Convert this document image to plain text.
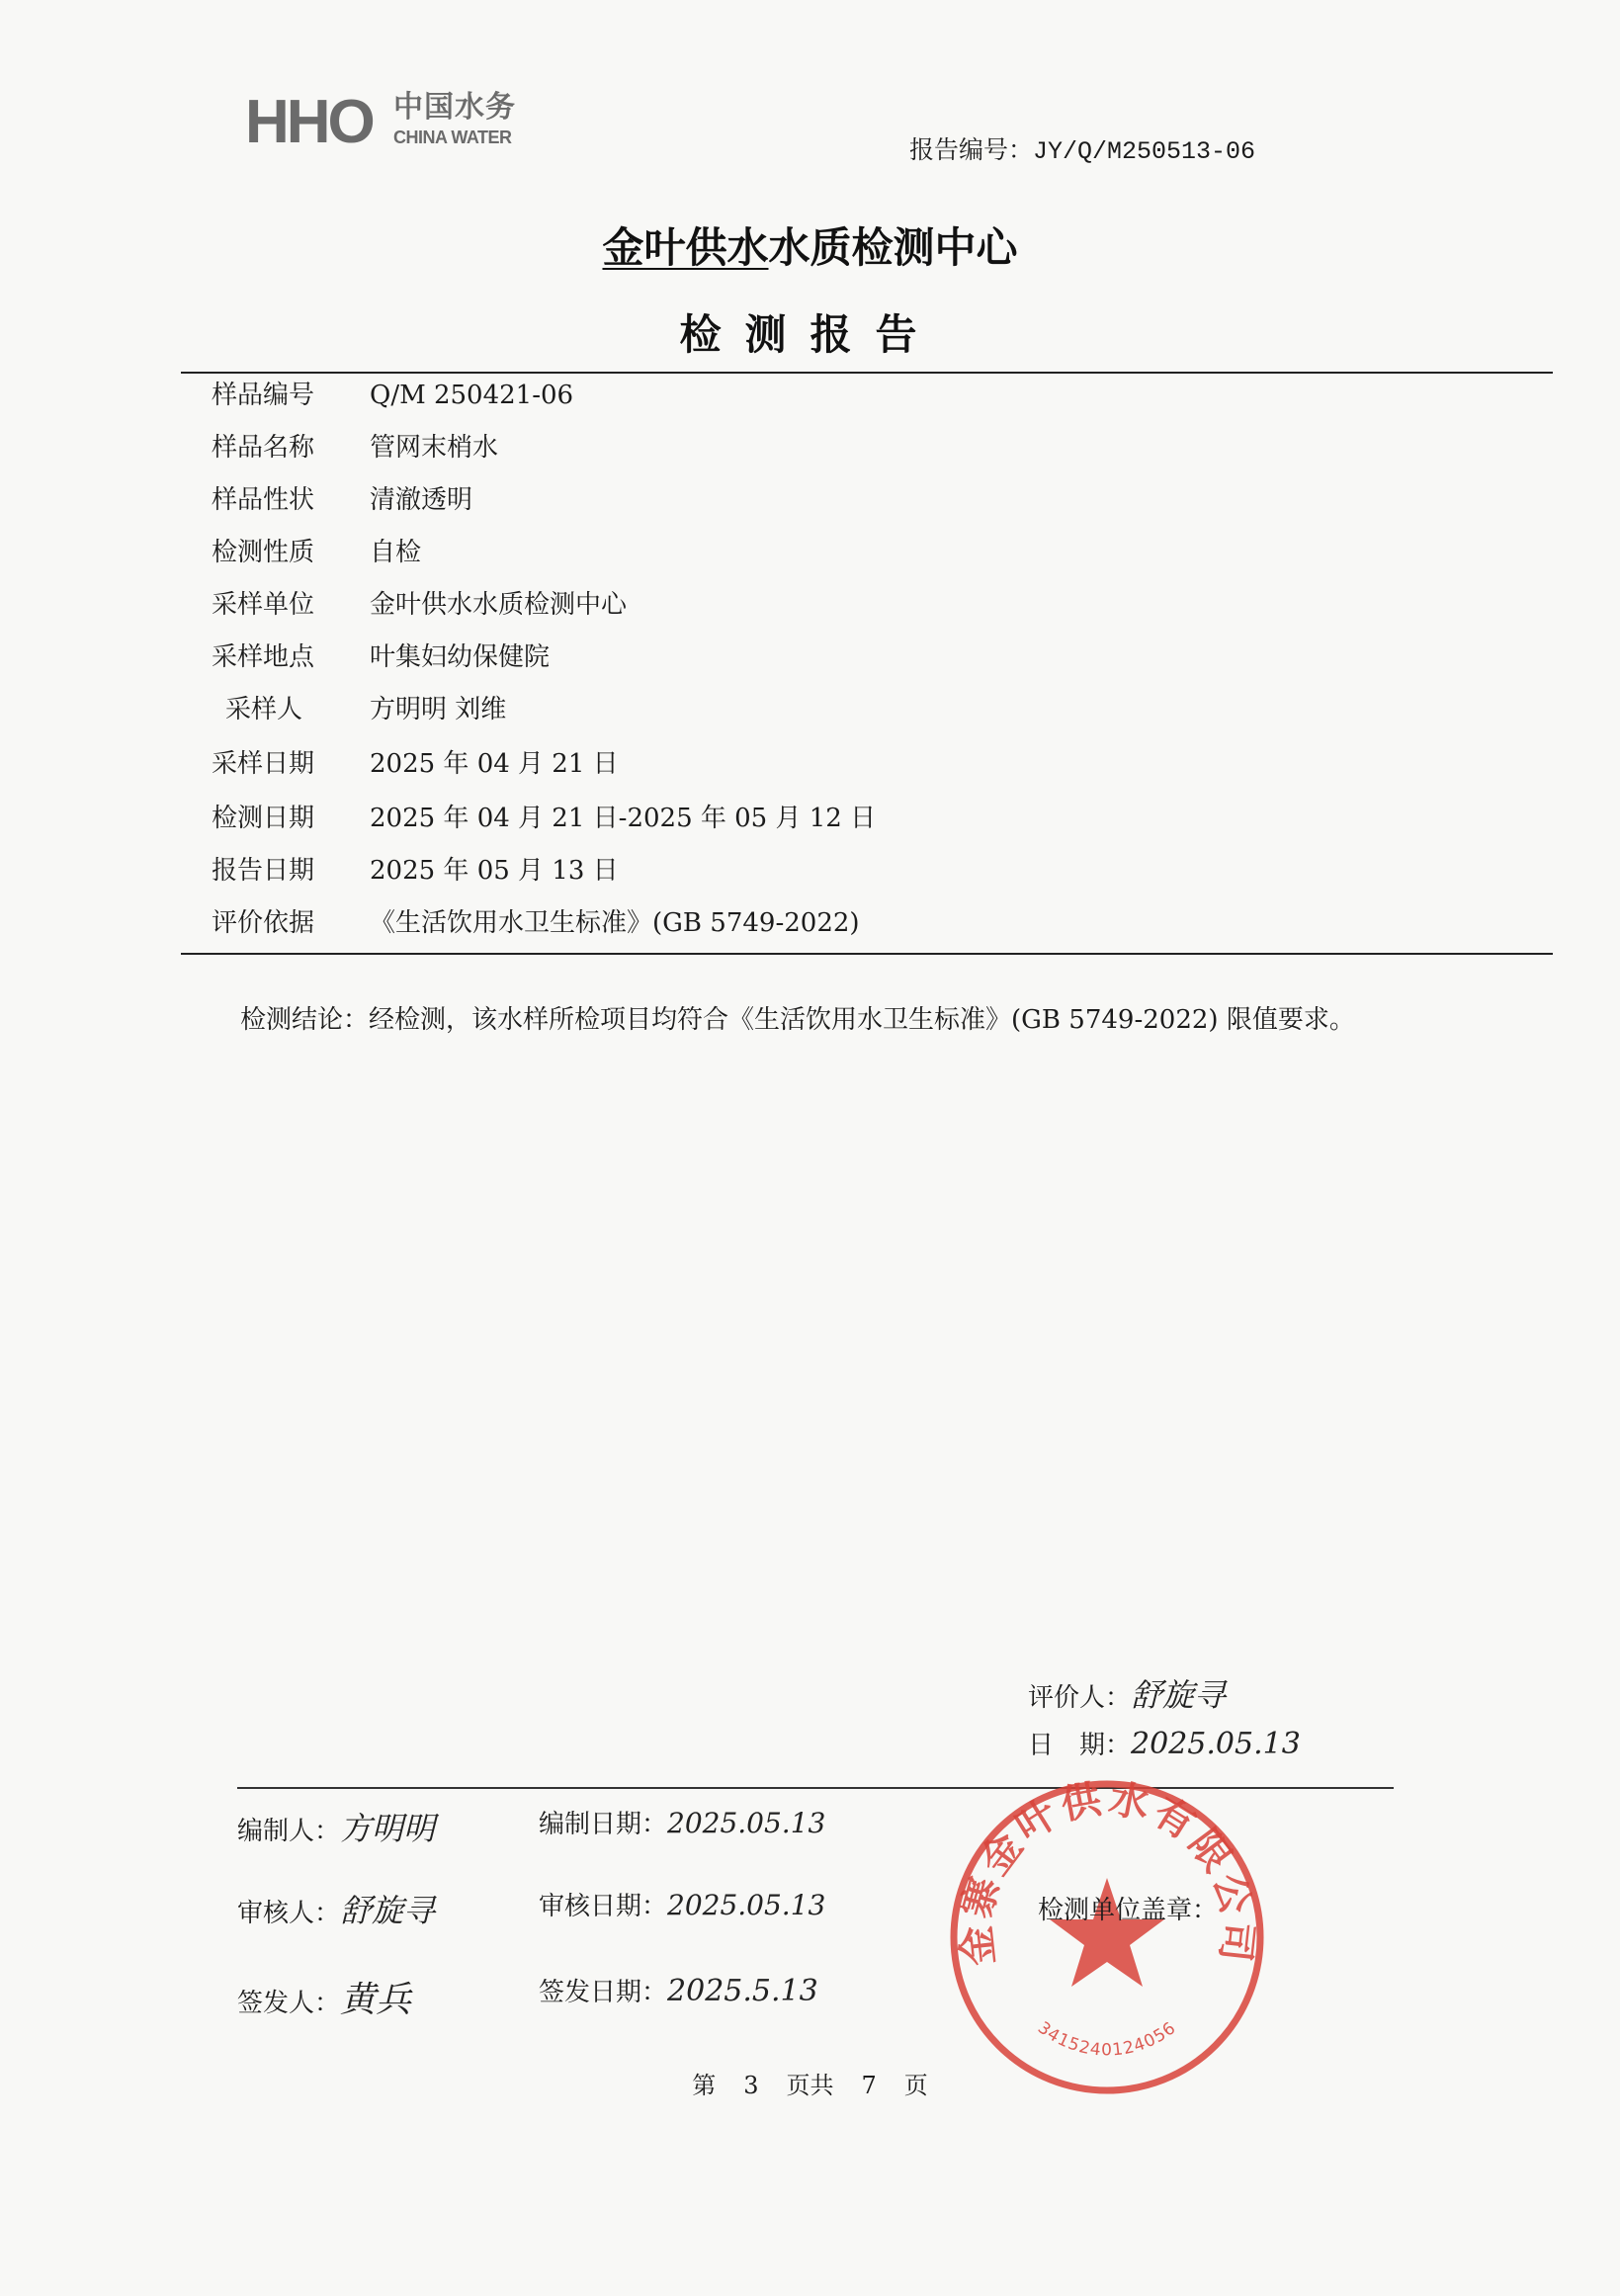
HHO 中国水务
CHINA WATER	报告编号：JY/Q/M250513-06
金叶供水水质检测中心
检测报告
样品编号 Q/M 250421-06
样品名称 管网末梢水
样品性状 清澈透明
检测性质 自检
采样单位 金叶供水水质检测中心
采样地点 叶集妇幼保健院
采样人	方明明 刘维
采样日期 2025 年 04 月 21 日
检测日期 2025 年 04 月 21 日-2025 年 05 月 12 日
报告日期 2025 年 05 月 13 日
评价依据 《生活饮用水卫生标准》(GB 5749-2022)
检测结论：经检测，该水样所检项目均符合《生活饮用水卫生标准》(GB 5749-2022) 限值要求。
评价人：舒旋寻
日　期：2025.05.13
编制人：方明明	编制日期：2025.05.13
审核人：舒旋寻	审核日期：2025.05.13
签发人：黄兵	签发日期：2025.5.13
金寨金叶供水有限公司
3415240124056
检测单位盖章：
第 3 页共 7 页
